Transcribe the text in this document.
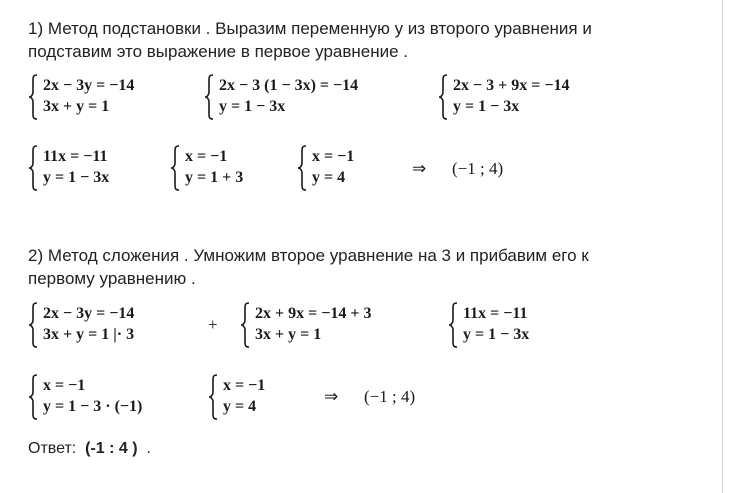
1) Метод подстановки . Выразим переменную у из второго уравнения и
подставим это выражение в первое уравнение .
2x − 3y = −14
3x + y = 1
2x − 3 (1 − 3x) = −14
y = 1 − 3x
2x − 3 + 9x = −14
y = 1 − 3x
11x = −11
y = 1 − 3x
x = −1
y = 1 + 3
x = −1
y = 4	⇒ (−1 ; 4)
2) Метод сложения . Умножим второе уравнение на 3 и прибавим его к
первому уравнению .
2x − 3y = −14
3x + y = 1 |· 3
+
2x + 9x = −14 + 3
3x + y = 1
11x = −11
y = 1 − 3x
x = −1
y = 1 − 3 · (−1)
x = −1
y = 4
⇒ (−1 ; 4)
Ответ: (-1 : 4 ) .
